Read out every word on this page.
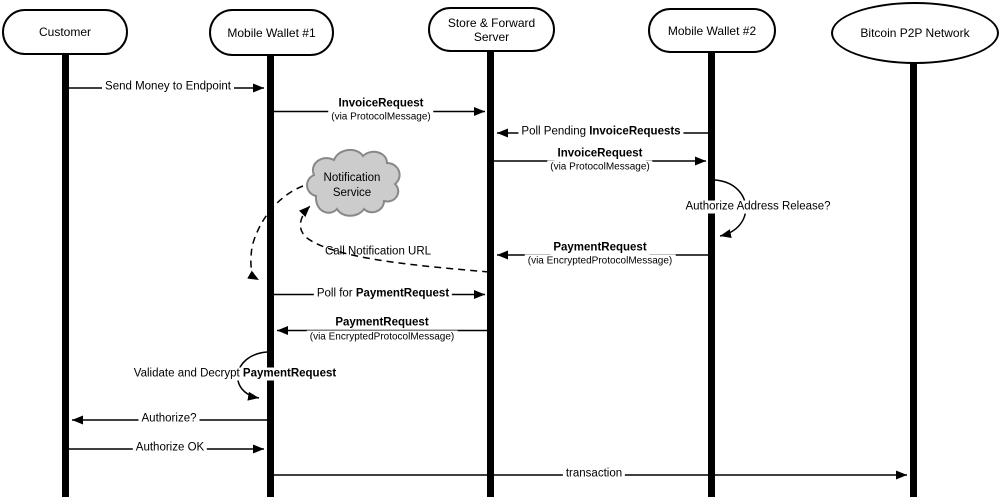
Customer	Mobile Wallet #1
Store & Forward Server	Mobile Wallet #2	Bitcoin P2P Network
Notification
Service
Send Money to Endpoint
InvoiceRequest
(via ProtocolMessage)
Poll Pending InvoiceRequests
InvoiceRequest
(via ProtocolMessage)
Authorize Address Release?
PaymentRequest
(via EncryptedProtocolMessage)
Call Notification URL
Poll for PaymentRequest
PaymentRequest
(via EncryptedProtocolMessage)
Validate and Decrypt PaymentRequest
Authorize?
Authorize OK
transaction
